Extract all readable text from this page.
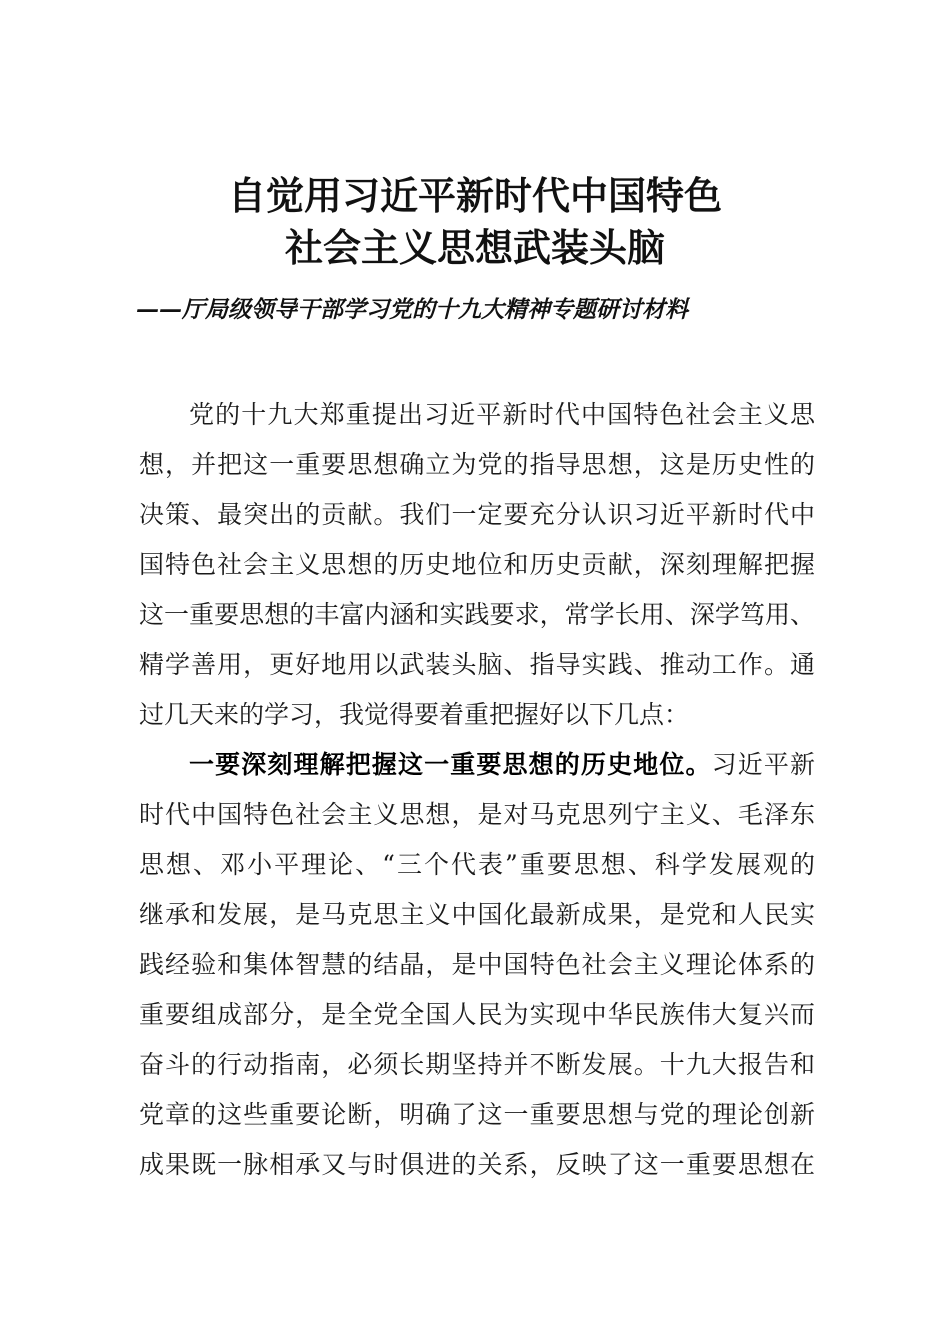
自觉用习近平新时代中国特色
社会主义思想武装头脑
——厅局级领导干部学习党的十九大精神专题研讨材料
党的十九大郑重提出习近平新时代中国特色社会主义思
想，并把这一重要思想确立为党的指导思想，这是历史性的
决策、最突出的贡献。我们一定要充分认识习近平新时代中
国特色社会主义思想的历史地位和历史贡献，深刻理解把握
这一重要思想的丰富内涵和实践要求，常学长用、深学笃用、
精学善用，更好地用以武装头脑、指导实践、推动工作。通
过几天来的学习，我觉得要着重把握好以下几点：
一要深刻理解把握这一重要思想的历史地位。习近平新
时代中国特色社会主义思想，是对马克思列宁主义、毛泽东
思想、邓小平理论、“三个代表”重要思想、科学发展观的
继承和发展，是马克思主义中国化最新成果，是党和人民实
践经验和集体智慧的结晶，是中国特色社会主义理论体系的
重要组成部分，是全党全国人民为实现中华民族伟大复兴而
奋斗的行动指南，必须长期坚持并不断发展。十九大报告和
党章的这些重要论断，明确了这一重要思想与党的理论创新
成果既一脉相承又与时俱进的关系，反映了这一重要思想在
